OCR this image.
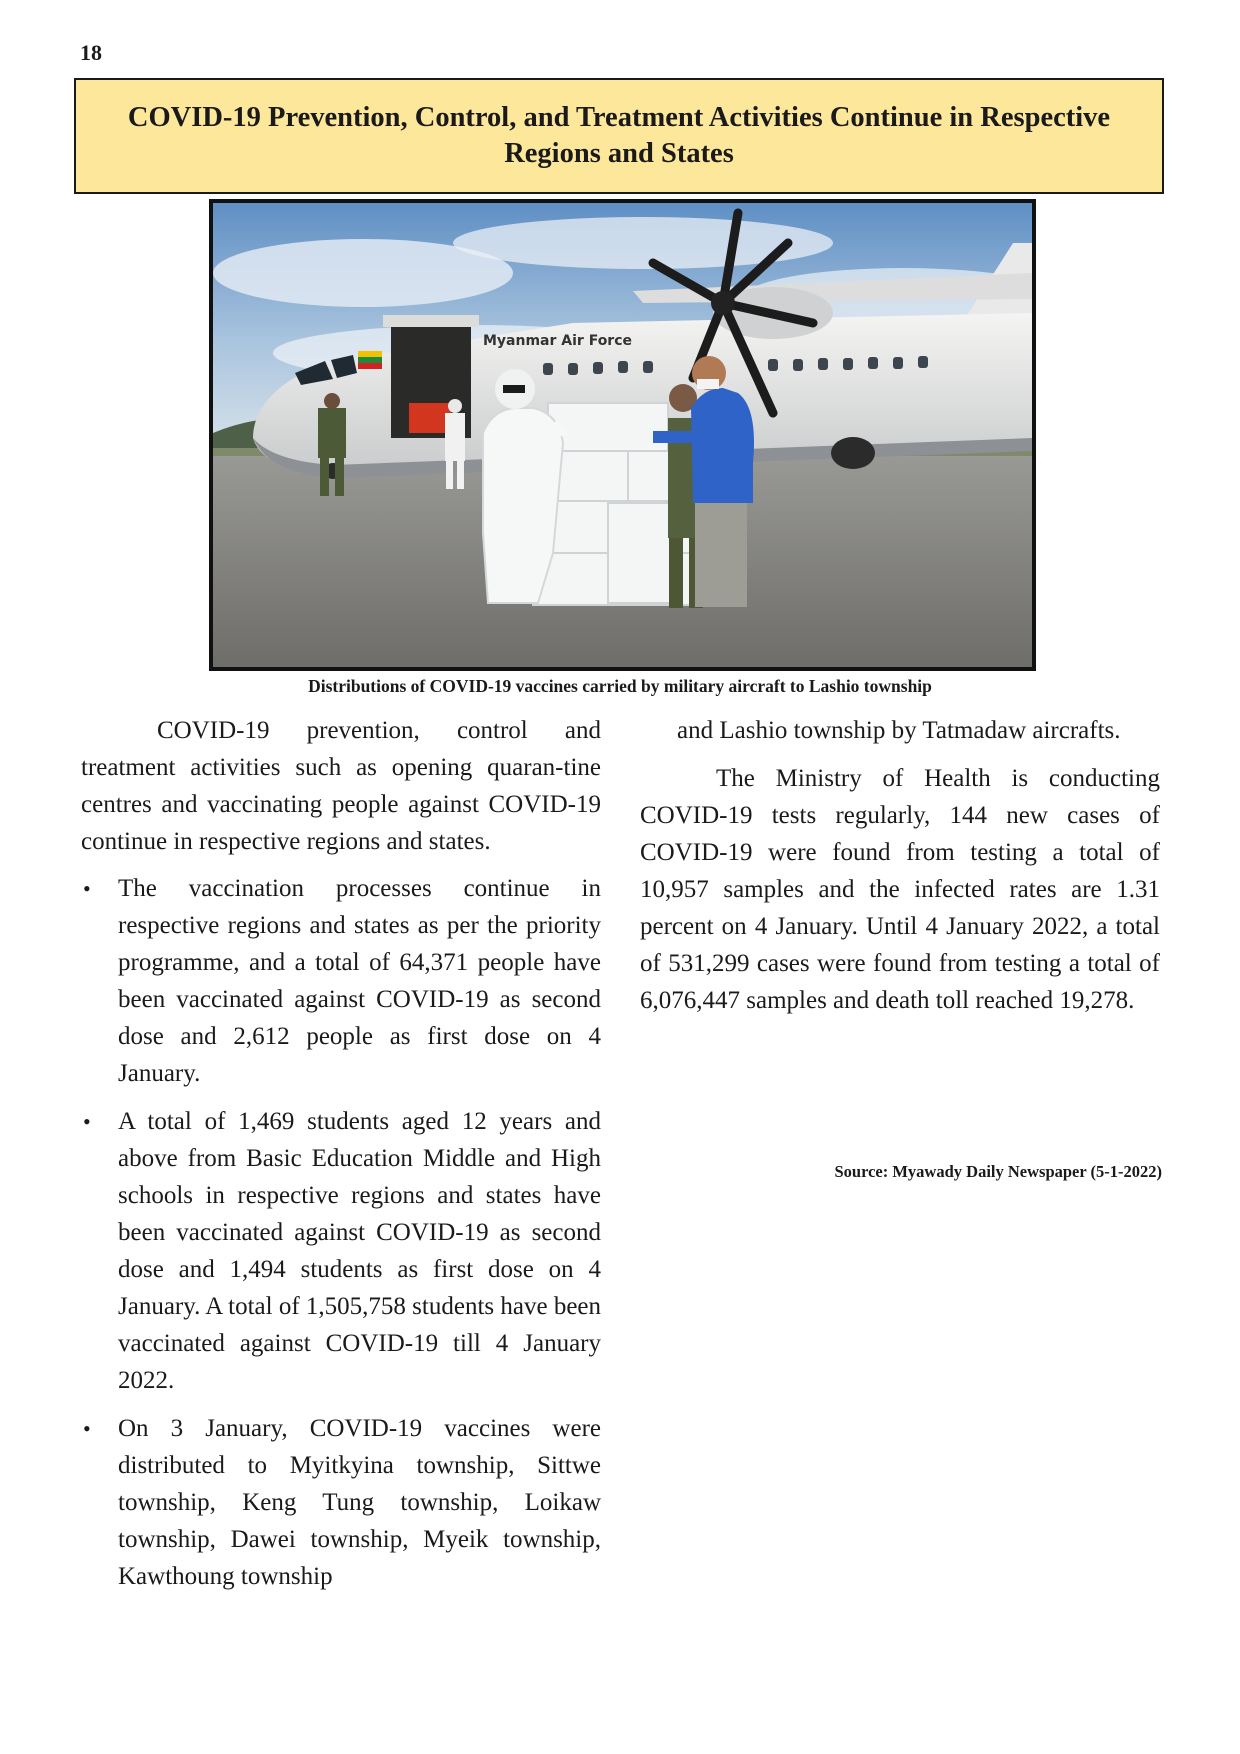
18
COVID-19 Prevention, Control, and Treatment Activities Continue in Respective Regions and States
Myanmar Air Force
Distributions of COVID-19 vaccines carried by military aircraft to Lashio township

COVID-19 prevention, control and treatment activities such as opening quaran-tine centres and vaccinating people against COVID-19 continue in respective regions and states.

• The vaccination processes continue in respective regions and states as per the priority programme, and a total of 64,371 people have been vaccinated against COVID-19 as second dose and 2,612 people as first dose on 4 January.
• A total of 1,469 students aged 12 years and above from Basic Education Middle and High schools in respective regions and states have been vaccinated against COVID-19 as second dose and 1,494 students as first dose on 4 January. A total of 1,505,758 students have been vaccinated against COVID-19 till 4 January 2022.
• On 3 January, COVID-19 vaccines were distributed to Myitkyina township, Sittwe township, Keng Tung township, Loikaw township, Dawei township, Myeik township, Kawthoung township

and Lashio township by Tatmadaw aircrafts.

The Ministry of Health is conducting COVID-19 tests regularly, 144 new cases of COVID-19 were found from testing a total of 10,957 samples and the infected rates are 1.31 percent on 4 January. Until 4 January 2022, a total of 531,299 cases were found from testing a total of 6,076,447 samples and death toll reached 19,278.

Source: Myawady Daily Newspaper (5-1-2022)
